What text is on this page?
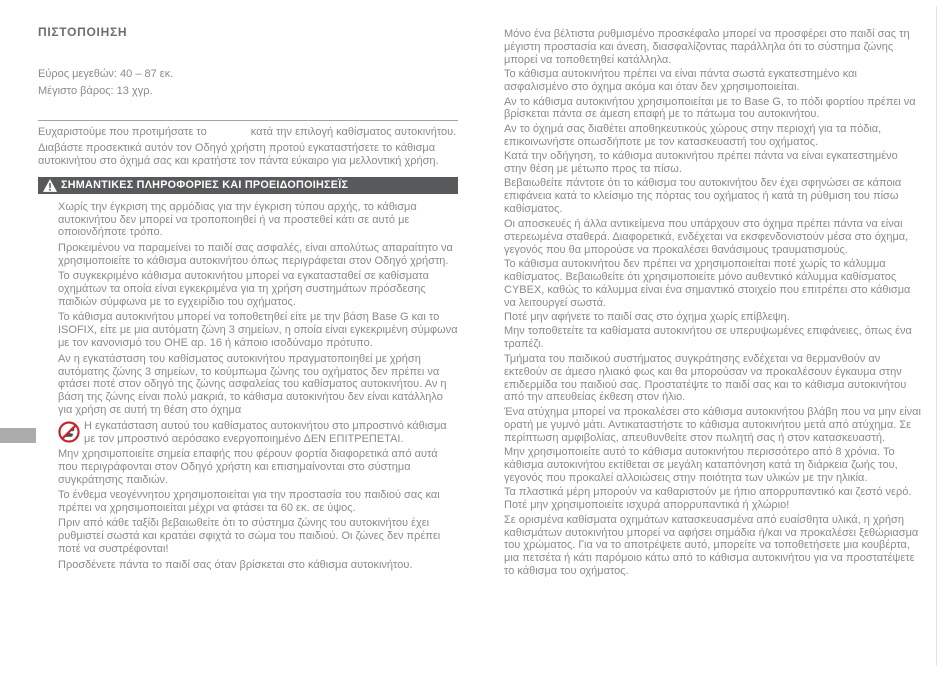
ΠΙΣΤΟΠΟΙΗΣΗ

Εύρος μεγεθών: 40 – 87 εκ.

Μέγιστο βάρος: 13 χγρ.

Ευχαριστούμε που προτιμήσατε το	κατά την επιλογή καθίσματος αυτοκινήτου.

Διαβάστε προσεκτικά αυτόν τον Οδηγό χρήστη προτού εγκαταστήσετε το κάθισμα αυτοκινήτου στο όχημά σας και κρατήστε τον πάντα εύκαιρο για μελλοντική χρήση.

ΣΗΜΑΝΤΙΚΕΣ ΠΛΗΡΟΦΟΡΙΕΣ ΚΑΙ ΠΡΟΕΙΔΟΠΟΙΗΣΕΪΣ

Χωρίς την έγκριση της αρμόδιας για την έγκριση τύπου αρχής, το κάθισμα αυτοκινήτου δεν μπορεί να τροποποιηθεί ή να προστεθεί κάτι σε αυτό με οποιονδήποτε τρόπο.

Προκειμένου να παραμείνει το παιδί σας ασφαλές, είναι απολύτως απαραίτητο να χρησιμοποιείτε το κάθισμα αυτοκινήτου όπως περιγράφεται στον Οδηγό χρήστη.

Το συγκεκριμένο κάθισμα αυτοκινήτου μπορεί να εγκατασταθεί σε καθίσματα οχημάτων τα οποία είναι εγκεκριμένα για τη χρήση συστημάτων πρόσδεσης παιδιών σύμφωνα με το εγχειρίδιο του οχήματος.

Το κάθισμα αυτοκινήτου μπορεί να τοποθετηθεί είτε με την βάση Base G και το ISOFIX, είτε με μια αυτόματη ζώνη 3 σημείων, η οποία είναι εγκεκριμένη σύμφωνα με τον κανονισμό του ΟΗΕ αρ. 16 ή κάποιο ισοδύναμο πρότυπο.

Αν η εγκατάσταση του καθίσματος αυτοκινήτου πραγματοποιηθεί με χρήση αυτόματης ζώνης 3 σημείων, το κούμπωμα ζώνης του οχήματος δεν πρέπει να φτάσει ποτέ στον οδηγό της ζώνης ασφαλείας του καθίσματος αυτοκινήτου. Αν η βάση της ζώνης είναι πολύ μακριά, το κάθισμα αυτοκινήτου δεν είναι κατάλληλο για χρήση σε αυτή τη θέση στο όχημα

Η εγκατάσταση αυτού του καθίσματος αυτοκινήτου στο μπροστινό κάθισμα με τον μπροστινό αερόσακο ενεργοποιημένο ΔΕΝ ΕΠΙΤΡΕΠΕΤΑΙ.

Μην χρησιμοποιείτε σημεία επαφής που φέρουν φορτία διαφορετικά από αυτά που περιγράφονται στον Οδηγό χρήστη και επισημαίνονται στο σύστημα συγκράτησης παιδιών.

Το ένθεμα νεογέννητου χρησιμοποιείται για την προστασία του παιδιού σας και πρέπει να χρησιμοποιείται μέχρι να φτάσει τα 60 εκ. σε ύψος.

Πριν από κάθε ταξίδι βεβαιωθείτε ότι το σύστημα ζώνης του αυτοκινήτου έχει ρυθμιστεί σωστά και κρατάει σφιχτά το σώμα του παιδιού. Οι ζώνες δεν πρέπει ποτέ να συστρέφονται!

Προσδένετε πάντα το παιδί σας όταν βρίσκεται στο κάθισμα αυτοκινήτου.

Μόνο ένα βέλτιστα ρυθμισμένο προσκέφαλο μπορεί να προσφέρει στο παιδί σας τη μέγιστη προστασία και άνεση, διασφαλίζοντας παράλληλα ότι το σύστημα ζώνης μπορεί να τοποθετηθεί κατάλληλα.

Το κάθισμα αυτοκινήτου πρέπει να είναι πάντα σωστά εγκατεστημένο και ασφαλισμένο στο όχημα ακόμα και όταν δεν χρησιμοποιείται.

Αν το κάθισμα αυτοκινήτου χρησιμοποιείται με το Base G, το πόδι φορτίου πρέπει να βρίσκεται πάντα σε άμεση επαφή με το πάτωμα του αυτοκινήτου.

Αν το όχημά σας διαθέτει αποθηκευτικούς χώρους στην περιοχή για τα πόδια, επικοινωνήστε οπωσδήποτε με τον κατασκευαστή του οχήματος.

Κατά την οδήγηση, το κάθισμα αυτοκινήτου πρέπει πάντα να είναι εγκατεστημένο στην θέση με μέτωπο προς τα πίσω.

Βεβαιωθείτε πάντοτε ότι το κάθισμα του αυτοκινήτου δεν έχει σφηνώσει σε κάποια επιφάνεια κατά το κλείσιμο της πόρτας του οχήματος ή κατά τη ρύθμιση του πίσω καθίσματος.

Οι αποσκευές ή άλλα αντικείμενα που υπάρχουν στο όχημα πρέπει πάντα να είναι στερεωμένα σταθερά. Διαφορετικά, ενδέχεται να εκσφενδονιστούν μέσα στο όχημα, γεγονός που θα μπορούσε να προκαλέσει θανάσιμους τραυματισμούς.

Το κάθισμα αυτοκινήτου δεν πρέπει να χρησιμοποιείται ποτέ χωρίς το κάλυμμα καθίσματος. Βεβαιωθείτε ότι χρησιμοποιείτε μόνο αυθεντικό κάλυμμα καθίσματος CYBEX, καθώς το κάλυμμα είναι ένα σημαντικό στοιχείο που επιτρέπει στο κάθισμα να λειτουργεί σωστά.

Ποτέ μην αφήνετε το παιδί σας στο όχημα χωρίς επίβλεψη.

Μην τοποθετείτε τα καθίσματα αυτοκινήτου σε υπερυψωμένες επιφάνειες, όπως ένα τραπέζι.

Τμήματα του παιδικού συστήματος συγκράτησης ενδέχεται να θερμανθούν αν εκτεθούν σε άμεσο ηλιακό φως και θα μπορούσαν να προκαλέσουν έγκαυμα στην επιδερμίδα του παιδιού σας. Προστατέψτε το παιδί σας και το κάθισμα αυτοκινήτου από την απευθείας έκθεση στον ήλιο.

Ένα ατύχημα μπορεί να προκαλέσει στο κάθισμα αυτοκινήτου βλάβη που να μην είναι ορατή με γυμνό μάτι. Αντικαταστήστε το κάθισμα αυτοκινήτου μετά από ατύχημα. Σε περίπτωση αμφιβολίας, απευθυνθείτε στον πωλητή σας ή στον κατασκευαστή.

Μην χρησιμοποιείτε αυτό το κάθισμα αυτοκινήτου περισσότερο από 8 χρόνια. Το κάθισμα αυτοκινήτου εκτίθεται σε μεγάλη καταπόνηση κατά τη διάρκεια ζωής του, γεγονός που προκαλεί αλλοιώσεις στην ποιότητα των υλικών με την ηλικία.

Τα πλαστικά μέρη μπορούν να καθαριστούν με ήπιο απορρυπαντικό και ζεστό νερό. Ποτέ μην χρησιμοποιείτε ισχυρά απορρυπαντικά ή χλώριο!

Σε ορισμένα καθίσματα οχημάτων κατασκευασμένα από ευαίσθητα υλικά, η χρήση καθισμάτων αυτοκινήτου μπορεί να αφήσει σημάδια ή/και να προκαλέσει ξεθώριασμα του χρώματος. Για να το αποτρέψετε αυτό, μπορείτε να τοποθετήσετε μια κουβέρτα, μια πετσέτα ή κάτι παρόμοιο κάτω από το κάθισμα αυτοκινήτου για να προστατέψετε το κάθισμα του οχήματος.
